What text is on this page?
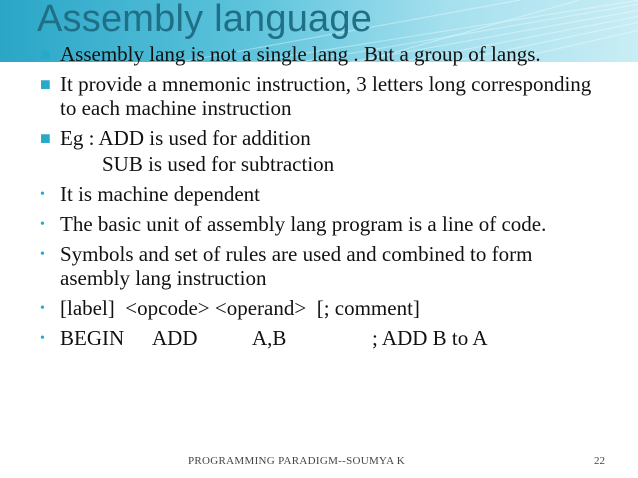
Assembly language
■ Assembly lang is not a single lang . But a group of langs.
■ It provide a mnemonic instruction, 3 letters long corresponding to each machine instruction
■ Eg : ADD is used for addition
SUB is used for subtraction
• It is machine dependent
• The basic unit of assembly lang program is a line of code.
• Symbols and set of rules are used and combined to form asembly lang instruction
• [label]  <opcode> <operand>  [; comment]
• BEGIN ADD	A,B	; ADD B to A
PROGRAMMING PARADIGM--SOUMYA K	22
